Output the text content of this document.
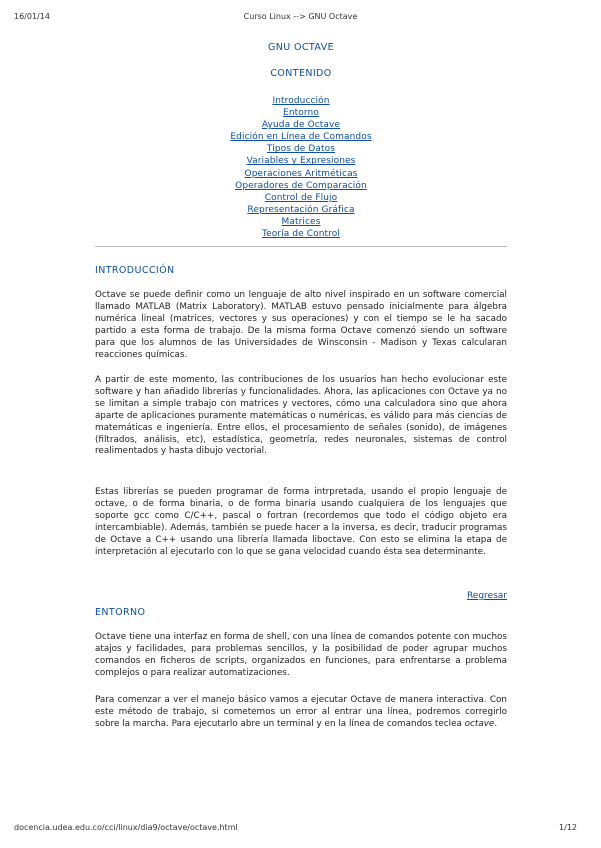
16/01/14	Curso Linux --> GNU Octave
GNU OCTAVE
CONTENIDO
Introducción
Entorno
Ayuda de Octave
Edición en Línea de Comandos
Tipos de Datos
Variables y Expresiones
Operaciones Aritméticas
Operadores de Comparación
Control de Flujo
Representación Gráfica
Matrices
Teoría de Control
INTRODUCCIÓN

Octave se puede definir como un lenguaje de alto nivel inspirado en un software comercial llamado MATLAB (Matrix Laboratory). MATLAB estuvo pensado inicialmente para álgebra numérica lineal (matrices, vectores y sus operaciones) y con el tiempo se le ha sacado partido a esta forma de trabajo. De la misma forma Octave comenzó siendo un software para que los alumnos de las Universidades de Winsconsin - Madison y Texas calcularan reacciones químicas.

A partir de este momento, las contribuciones de los usuarios han hecho evolucionar este software y han añadido librerías y funcionalidades. Ahora, las aplicaciones con Octave ya no se limitan a simple trabajo con matrices y vectores, cómo una calculadora sino que ahora aparte de aplicaciones puramente matemáticas o numéricas, es válido para más ciencias de matemáticas e ingeniería. Entre ellos, el procesamiento de señales (sonido), de imágenes (filtrados, análisis, etc), estadística, geometría, redes neuronales, sistemas de control realimentados y hasta dibujo vectorial.

Estas librerías se pueden programar de forma intrpretada, usando el propio lenguaje de octave, o de forma binaria, o de forma binaria usando cualquiera de los lenguajes que soporte gcc como C/C++, pascal o fortran (recordemos que todo el código objeto era intercambiable). Además, también se puede hacer a la inversa, es decir, traducir programas de Octave a C++ usando una librería llamada liboctave. Con esto se elimina la etapa de interpretación al ejecutarlo con lo que se gana velocidad cuando ésta sea determinante.

Regresar

ENTORNO

Octave tiene una interfaz en forma de shell, con una línea de comandos potente con muchos atajos y facilidades, para problemas sencillos, y la posibilidad de poder agrupar muchos comandos en ficheros de scripts, organizados en funciones, para enfrentarse a problema complejos o para realizar automatizaciones.

Para comenzar a ver el manejo básico vamos a ejecutar Octave de manera interactiva. Con este método de trabajo, si cometemos un error al entrar una línea, podremos corregirlo sobre la marcha. Para ejecutarlo abre un terminal y en la línea de comandos teclea octave.

docencia.udea.edu.co/cci/linux/dia9/octave/octave.html	1/12
